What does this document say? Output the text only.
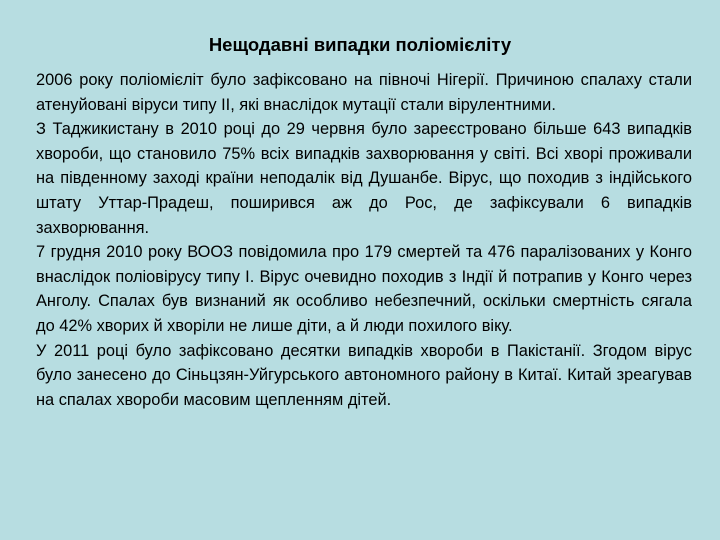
Нещодавні випадки поліомієліту

2006 року поліомієліт було зафіксовано на півночі Нігерії. Причиною спалаху стали атенуйовані віруси типу II, які внаслідок мутації стали вірулентними.

З Таджикистану в 2010 році до 29 червня було зареєстровано більше 643 випадків хвороби, що становило 75% всіх випадків захворювання у світі. Всі хворі проживали на південному заході країни неподалік від Душанбе. Вірус, що походив з індійського штату Уттар-Прадеш, поширився аж до Рос, де зафіксували 6 випадків захворювання.

7 грудня 2010 року ВООЗ повідомила про 179 смертей та 476 паралізованих у Конго внаслідок поліовірусу типу I. Вірус очевидно походив з Індії й потрапив у Конго через Анголу. Спалах був визнаний як особливо небезпечний, оскільки смертність сягала до 42% хворих й хворіли не лише діти, а й люди похилого віку.

У 2011 році було зафіксовано десятки випадків хвороби в Пакістанії. Згодом вірус було занесено до Сіньцзян-Уйгурського автономного району в Китаї. Китай зреагував на спалах хвороби масовим щепленням дітей.
